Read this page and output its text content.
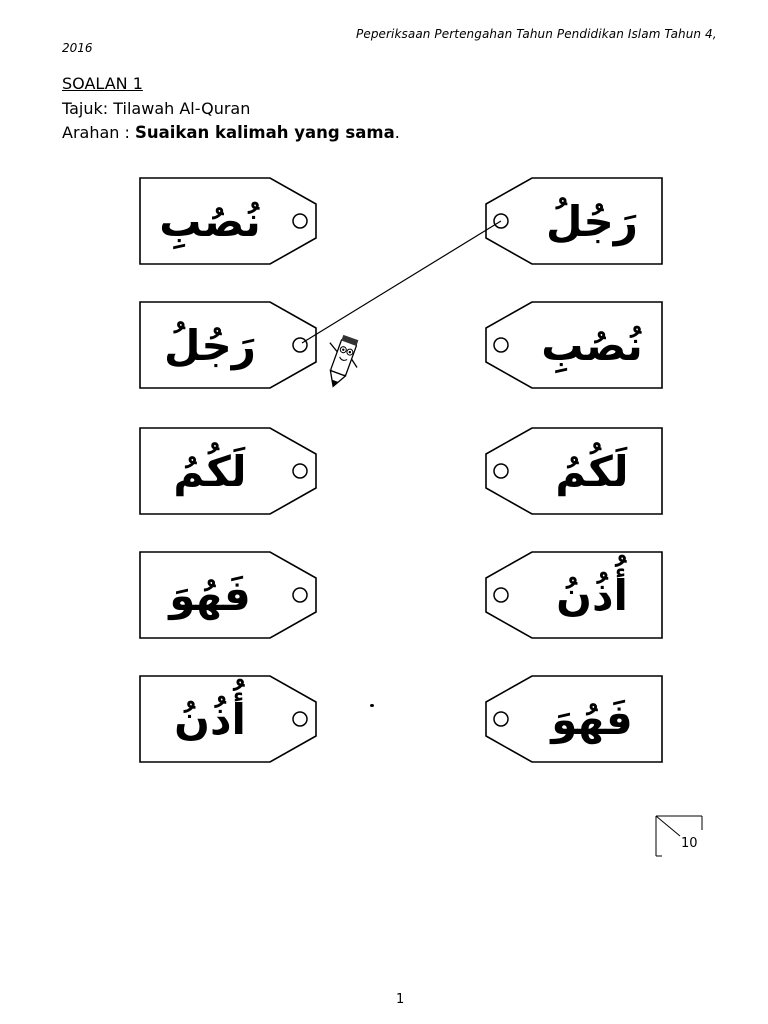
Peperiksaan Pertengahan Tahun Pendidikan Islam Tahun 4,
2016
SOALAN 1
Tajuk: Tilawah Al-Quran
Arahan : Suaikan kalimah yang sama.
نُصُبِ
رَجُلُ
لَكُمُ
فَهُوَ
أُذُنُ
رَجُلُ
نُصُبِ
لَكُمُ
أُذُنُ
فَهُوَ
10
1
